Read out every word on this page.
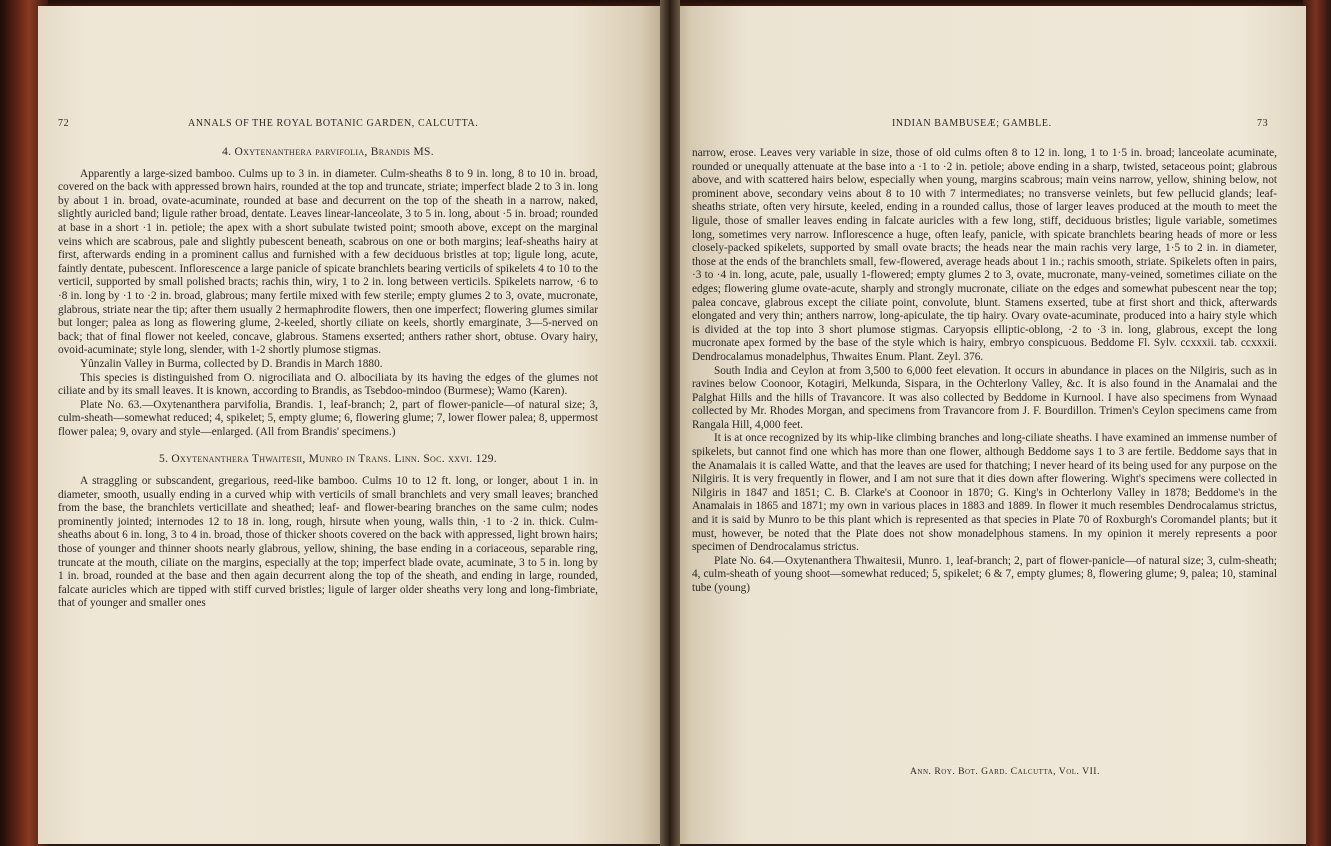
72	ANNALS OF THE ROYAL BOTANIC GARDEN, CALCUTTA.
4. Oxytenanthera parvifolia, Brandis MS.

Apparently a large-sized bamboo. Culms up to 3 in. in diameter. Culm-sheaths 8 to 9 in. long, 8 to 10 in. broad, covered on the back with appressed brown hairs, rounded at the top and truncate, striate; imperfect blade 2 to 3 in. long by about 1 in. broad, ovate-acuminate, rounded at base and decurrent on the top of the sheath in a narrow, naked, slightly auricled band; ligule rather broad, dentate. Leaves linear-lanceolate, 3 to 5 in. long, about ·5 in. broad; rounded at base in a short ·1 in. petiole; the apex with a short subulate twisted point; smooth above, except on the marginal veins which are scabrous, pale and slightly pubescent beneath, scabrous on one or both margins; leaf-sheaths hairy at first, afterwards ending in a prominent callus and furnished with a few deciduous bristles at top; ligule long, acute, faintly dentate, pubescent. Inflorescence a large panicle of spicate branchlets bearing verticils of spikelets 4 to 10 to the verticil, supported by small polished bracts; rachis thin, wiry, 1 to 2 in. long between verticils. Spikelets narrow, ·6 to ·8 in. long by ·1 to ·2 in. broad, glabrous; many fertile mixed with few sterile; empty glumes 2 to 3, ovate, mucronate, glabrous, striate near the tip; after them usually 2 hermaphrodite flowers, then one imperfect; flowering glumes similar but longer; palea as long as flowering glume, 2-keeled, shortly ciliate on keels, shortly emarginate, 3—5-nerved on back; that of final flower not keeled, concave, glabrous. Stamens exserted; anthers rather short, obtuse. Ovary hairy, ovoid-acuminate; style long, slender, with 1-2 shortly plumose stigmas.

Yûnzalin Valley in Burma, collected by D. Brandis in March 1880.

This species is distinguished from O. nigrociliata and O. albociliata by its having the edges of the glumes not ciliate and by its small leaves. It is known, according to Brandis, as Tsebdoo-mindoo (Burmese); Wamo (Karen).

Plate No. 63.—Oxytenanthera parvifolia, Brandis. 1, leaf-branch; 2, part of flower-panicle—of natural size; 3, culm-sheath—somewhat reduced; 4, spikelet; 5, empty glume; 6, flowering glume; 7, lower flower palea; 8, uppermost flower palea; 9, ovary and style—enlarged. (All from Brandis' specimens.)

5. Oxytenanthera Thwaitesii, Munro in Trans. Linn. Soc. xxvi. 129.

A straggling or subscandent, gregarious, reed-like bamboo. Culms 10 to 12 ft. long, or longer, about 1 in. in diameter, smooth, usually ending in a curved whip with verticils of small branchlets and very small leaves; branched from the base, the branchlets verticillate and sheathed; leaf- and flower-bearing branches on the same culm; nodes prominently jointed; internodes 12 to 18 in. long, rough, hirsute when young, walls thin, ·1 to ·2 in. thick. Culm-sheaths about 6 in. long, 3 to 4 in. broad, those of thicker shoots covered on the back with appressed, light brown hairs; those of younger and thinner shoots nearly glabrous, yellow, shining, the base ending in a coriaceous, separable ring, truncate at the mouth, ciliate on the margins, especially at the top; imperfect blade ovate, acuminate, 3 to 5 in. long by 1 in. broad, rounded at the base and then again decurrent along the top of the sheath, and ending in large, rounded, falcate auricles which are tipped with stiff curved bristles; ligule of larger older sheaths very long and long-fimbriate, that of younger and smaller ones

INDIAN BAMBUSEÆ; GAMBLE.	73

narrow, erose. Leaves very variable in size, those of old culms often 8 to 12 in. long, 1 to 1·5 in. broad; lanceolate acuminate, rounded or unequally attenuate at the base into a ·1 to ·2 in. petiole; above ending in a sharp, twisted, setaceous point; glabrous above, and with scattered hairs below, especially when young, margins scabrous; main veins narrow, yellow, shining below, not prominent above, secondary veins about 8 to 10 with 7 intermediates; no transverse veinlets, but few pellucid glands; leaf-sheaths striate, often very hirsute, keeled, ending in a rounded callus, those of larger leaves produced at the mouth to meet the ligule, those of smaller leaves ending in falcate auricles with a few long, stiff, deciduous bristles; ligule variable, sometimes long, sometimes very narrow. Inflorescence a huge, often leafy, panicle, with spicate branchlets bearing heads of more or less closely-packed spikelets, supported by small ovate bracts; the heads near the main rachis very large, 1·5 to 2 in. in diameter, those at the ends of the branchlets small, few-flowered, average heads about 1 in.; rachis smooth, striate. Spikelets often in pairs, ·3 to ·4 in. long, acute, pale, usually 1-flowered; empty glumes 2 to 3, ovate, mucronate, many-veined, sometimes ciliate on the edges; flowering glume ovate-acute, sharply and strongly mucronate, ciliate on the edges and somewhat pubescent near the top; palea concave, glabrous except the ciliate point, convolute, blunt. Stamens exserted, tube at first short and thick, afterwards elongated and very thin; anthers narrow, long-apiculate, the tip hairy. Ovary ovate-acuminate, produced into a hairy style which is divided at the top into 3 short plumose stigmas. Caryopsis elliptic-oblong, ·2 to ·3 in. long, glabrous, except the long mucronate apex formed by the base of the style which is hairy, embryo conspicuous. Beddome Fl. Sylv. ccxxxii. tab. ccxxxii. Dendrocalamus monadelphus, Thwaites Enum. Plant. Zeyl. 376.

South India and Ceylon at from 3,500 to 6,000 feet elevation. It occurs in abundance in places on the Nilgiris, such as in ravines below Coonoor, Kotagiri, Melkunda, Sispara, in the Ochterlony Valley, &c. It is also found in the Anamalai and the Palghat Hills and the hills of Travancore. It was also collected by Beddome in Kurnool. I have also specimens from Wynaad collected by Mr. Rhodes Morgan, and specimens from Travancore from J. F. Bourdillon. Trimen's Ceylon specimens came from Rangala Hill, 4,000 feet.

It is at once recognized by its whip-like climbing branches and long-ciliate sheaths. I have examined an immense number of spikelets, but cannot find one which has more than one flower, although Beddome says 1 to 3 are fertile. Beddome says that in the Anamalais it is called Watte, and that the leaves are used for thatching; I never heard of its being used for any purpose on the Nilgiris. It is very frequently in flower, and I am not sure that it dies down after flowering. Wight's specimens were collected in Nilgiris in 1847 and 1851; C. B. Clarke's at Coonoor in 1870; G. King's in Ochterlony Valley in 1878; Beddome's in the Anamalais in 1865 and 1871; my own in various places in 1883 and 1889. In flower it much resembles Dendrocalamus strictus, and it is said by Munro to be this plant which is represented as that species in Plate 70 of Roxburgh's Coromandel plants; but it must, however, be noted that the Plate does not show monadelphous stamens. In my opinion it merely represents a poor specimen of Dendrocalamus strictus.

Plate No. 64.—Oxytenanthera Thwaitesii, Munro. 1, leaf-branch; 2, part of flower-panicle—of natural size; 3, culm-sheath; 4, culm-sheath of young shoot—somewhat reduced; 5, spikelet; 6 & 7, empty glumes; 8, flowering glume; 9, palea; 10, staminal tube (young)

Ann. Roy. Bot. Gard. Calcutta, Vol. VII.
